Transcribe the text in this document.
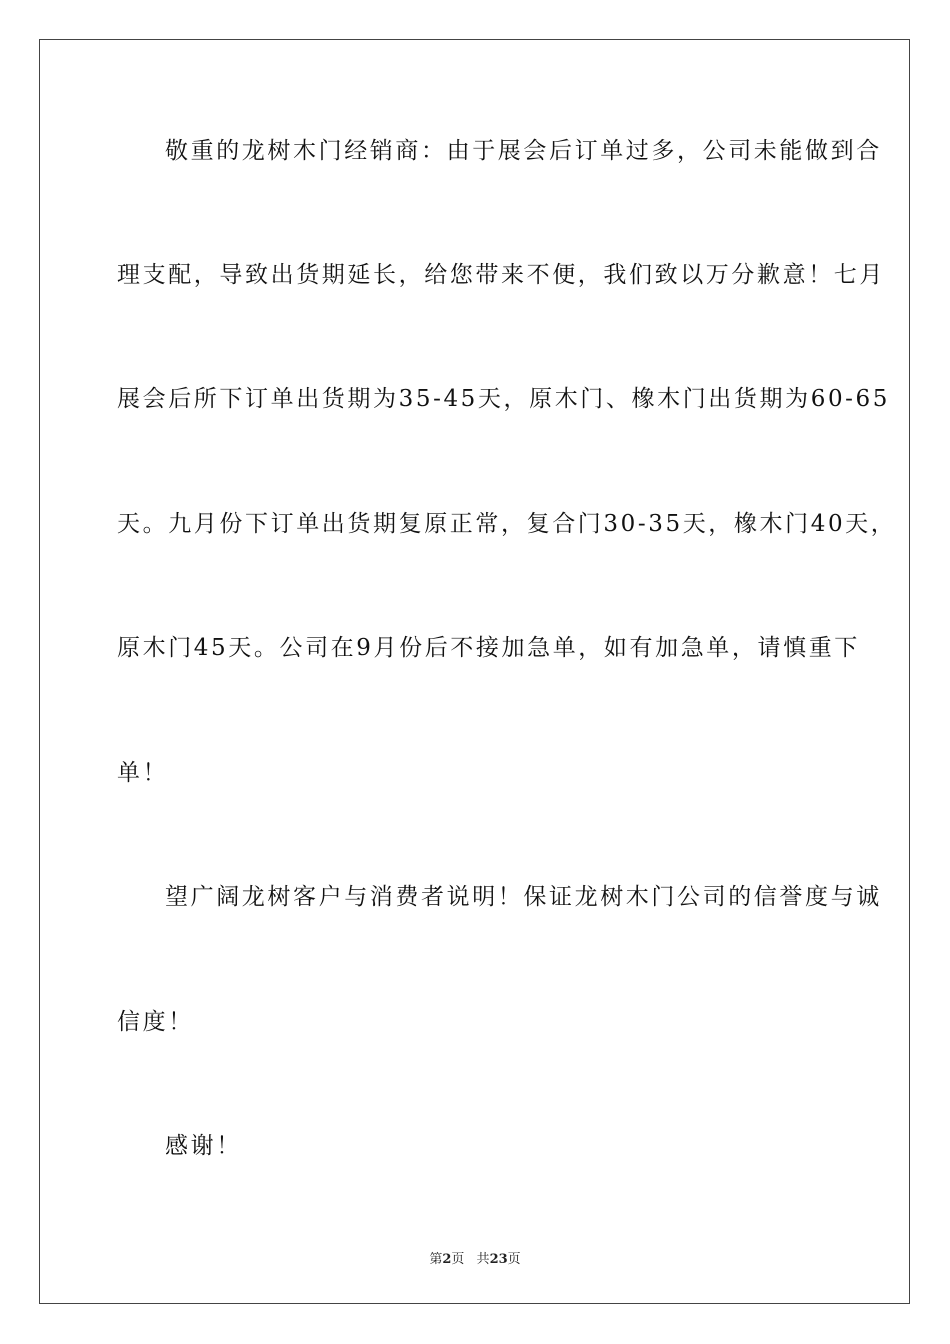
敬重的龙树木门经销商：由于展会后订单过多，公司未能做到合
理支配，导致出货期延长，给您带来不便，我们致以万分歉意！七月
展会后所下订单出货期为35-45天，原木门、橡木门出货期为60-65
天。九月份下订单出货期复原正常，复合门30-35天，橡木门40天，
原木门45天。公司在9月份后不接加急单，如有加急单，请慎重下
单！
望广阔龙树客户与消费者说明！保证龙树木门公司的信誉度与诚
信度！
感谢！
第2页 共23页
